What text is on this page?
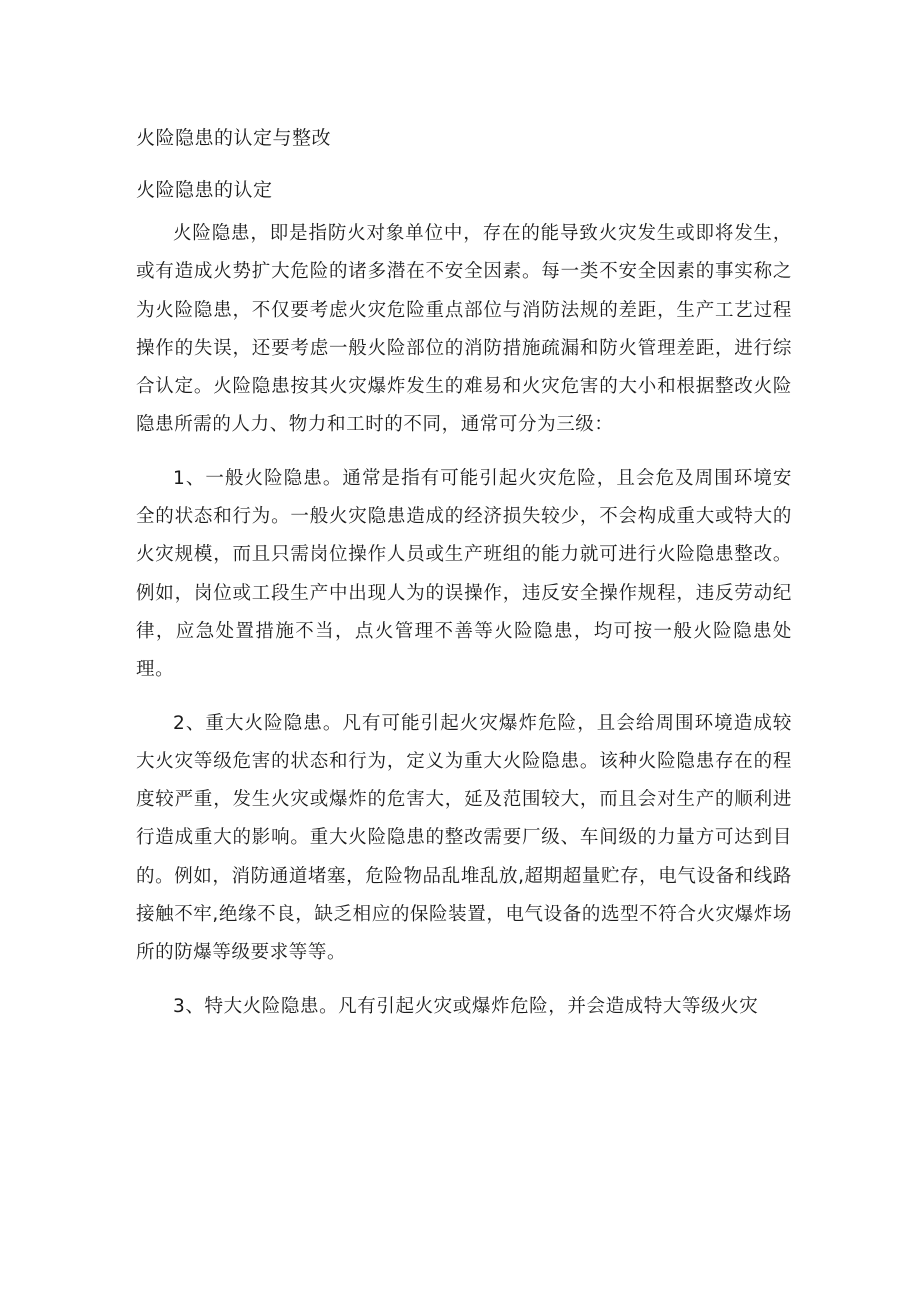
火险隐患的认定与整改
火险隐患的认定

火险隐患，即是指防火对象单位中，存在的能导致火灾发生或即将发生，或有造成火势扩大危险的诸多潜在不安全因素。每一类不安全因素的事实称之为火险隐患，不仅要考虑火灾危险重点部位与消防法规的差距，生产工艺过程操作的失误，还要考虑一般火险部位的消防措施疏漏和防火管理差距，进行综合认定。火险隐患按其火灾爆炸发生的难易和火灾危害的大小和根据整改火险隐患所需的人力、物力和工时的不同，通常可分为三级：

1、一般火险隐患。通常是指有可能引起火灾危险，且会危及周围环境安全的状态和行为。一般火灾隐患造成的经济损失较少，不会构成重大或特大的火灾规模，而且只需岗位操作人员或生产班组的能力就可进行火险隐患整改。例如，岗位或工段生产中出现人为的误操作，违反安全操作规程，违反劳动纪律，应急处置措施不当，点火管理不善等火险隐患，均可按一般火险隐患处理。

2、重大火险隐患。凡有可能引起火灾爆炸危险，且会给周围环境造成较大火灾等级危害的状态和行为，定义为重大火险隐患。该种火险隐患存在的程度较严重，发生火灾或爆炸的危害大，延及范围较大，而且会对生产的顺利进行造成重大的影响。重大火险隐患的整改需要厂级、车间级的力量方可达到目的。例如，消防通道堵塞，危险物品乱堆乱放,超期超量贮存，电气设备和线路接触不牢,绝缘不良，缺乏相应的保险装置，电气设备的选型不符合火灾爆炸场所的防爆等级要求等等。

3、特大火险隐患。凡有引起火灾或爆炸危险，并会造成特大等级火灾
